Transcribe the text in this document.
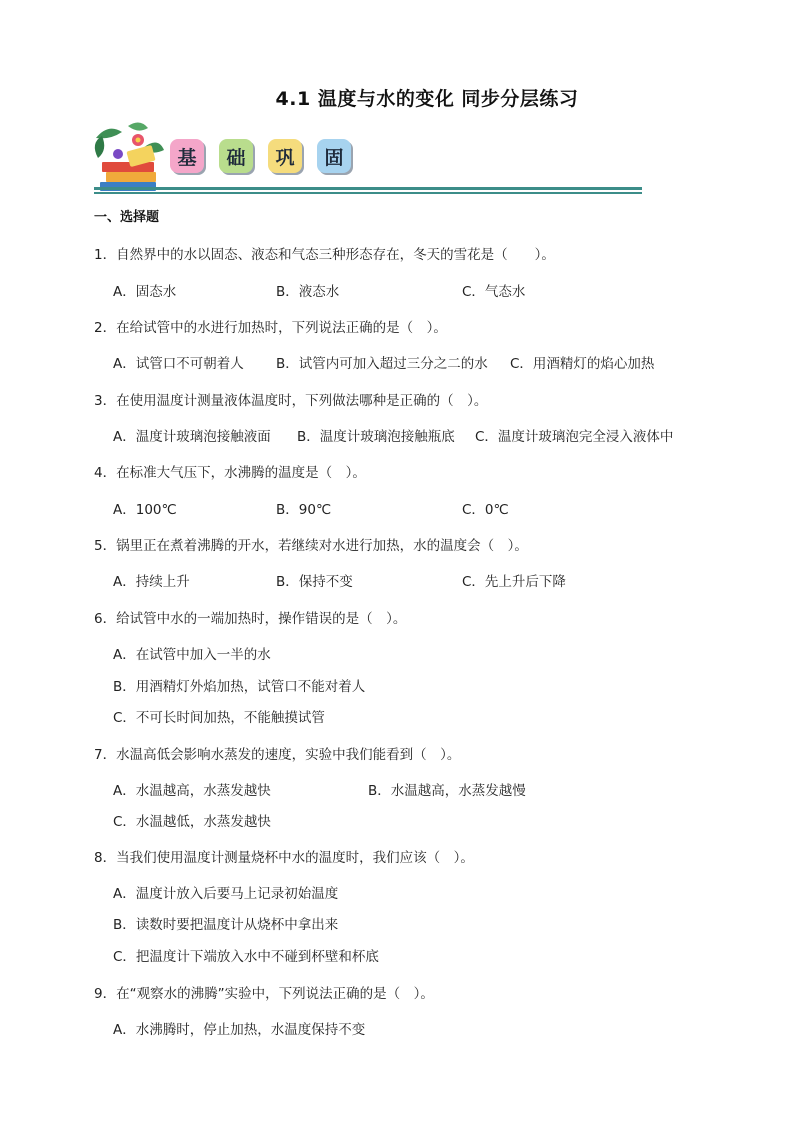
4.1 温度与水的变化 同步分层练习
基	础	巩	固
一、选择题
1．自然界中的水以固态、液态和气态三种形态存在，冬天的雪花是（　　）。
A．固态水	B．液态水	C．气态水
2．在给试管中的水进行加热时，下列说法正确的是（　）。
A．试管口不可朝着人 B．试管内可加入超过三分之二的水 C．用酒精灯的焰心加热
3．在使用温度计测量液体温度时，下列做法哪种是正确的（　）。
A．温度计玻璃泡接触液面 B．温度计玻璃泡接触瓶底 C．温度计玻璃泡完全浸入液体中
4．在标准大气压下，水沸腾的温度是（　）。
A．100℃	B．90℃	C．0℃
5．锅里正在煮着沸腾的开水，若继续对水进行加热，水的温度会（　）。
A．持续上升	B．保持不变	C．先上升后下降
6．给试管中水的一端加热时，操作错误的是（　）。
A．在试管中加入一半的水
B．用酒精灯外焰加热，试管口不能对着人
C．不可长时间加热，不能触摸试管
7．水温高低会影响水蒸发的速度，实验中我们能看到（　）。
A．水温越高，水蒸发越快	B．水温越高，水蒸发越慢
C．水温越低，水蒸发越快
8．当我们使用温度计测量烧杯中水的温度时，我们应该（　）。
A．温度计放入后要马上记录初始温度
B．读数时要把温度计从烧杯中拿出来
C．把温度计下端放入水中不碰到杯壁和杯底
9．在“观察水的沸腾”实验中，下列说法正确的是（　）。
A．水沸腾时，停止加热，水温度保持不变
